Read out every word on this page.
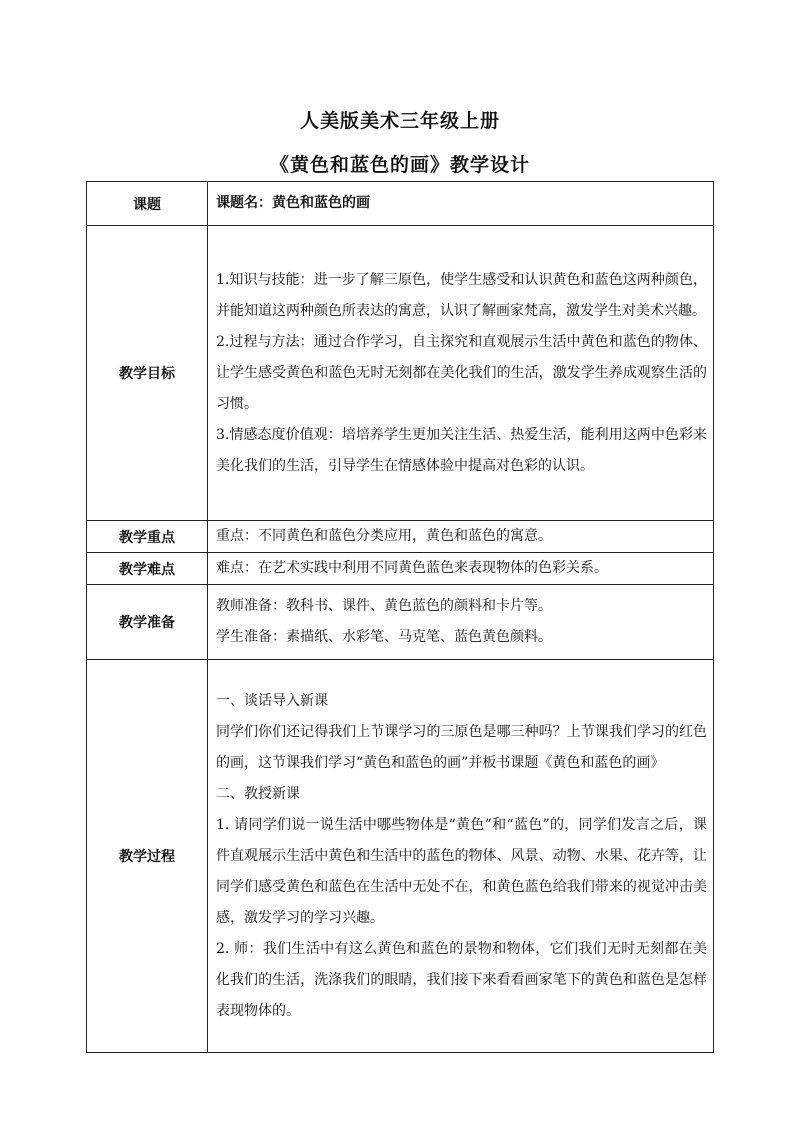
人美版美术三年级上册
《黄色和蓝色的画》教学设计
课题	课题名：黄色和蓝色的画

教学目标	1.知识与技能：进一步了解三原色，使学生感受和认识黄色和蓝色这两种颜色，并能知道这两种颜色所表达的寓意，认识了解画家梵高，激发学生对美术兴趣。

2.过程与方法：通过合作学习，自主探究和直观展示生活中黄色和蓝色的物体、让学生感受黄色和蓝色无时无刻都在美化我们的生活，激发学生养成观察生活的习惯。

3.情感态度价值观：培培养学生更加关注生活、热爱生活，能利用这两中色彩来美化我们的生活，引导学生在情感体验中提高对色彩的认识。

教学重点	重点：不同黄色和蓝色分类应用，黄色和蓝色的寓意。

教学难点	难点：在艺术实践中利用不同黄色蓝色来表现物体的色彩关系。

教学准备	教师准备：教科书、课件、黄色蓝色的颜料和卡片等。

学生准备：素描纸、水彩笔、马克笔、蓝色黄色颜料。

教学过程	一、谈话导入新课

同学们你们还记得我们上节课学习的三原色是哪三种吗？上节课我们学习的红色的画，这节课我们学习“黄色和蓝色的画”并板书课题《黄色和蓝色的画》

二、教授新课

1. 请同学们说一说生活中哪些物体是“黄色”和“蓝色”的，同学们发言之后，课件直观展示生活中黄色和生活中的蓝色的物体、风景、动物、水果、花卉等，让同学们感受黄色和蓝色在生活中无处不在，和黄色蓝色给我们带来的视觉冲击美感，激发学习的学习兴趣。

2. 师：我们生活中有这么黄色和蓝色的景物和物体，它们我们无时无刻都在美化我们的生活，洗涤我们的眼睛，我们接下来看看画家笔下的黄色和蓝色是怎样表现物体的。
